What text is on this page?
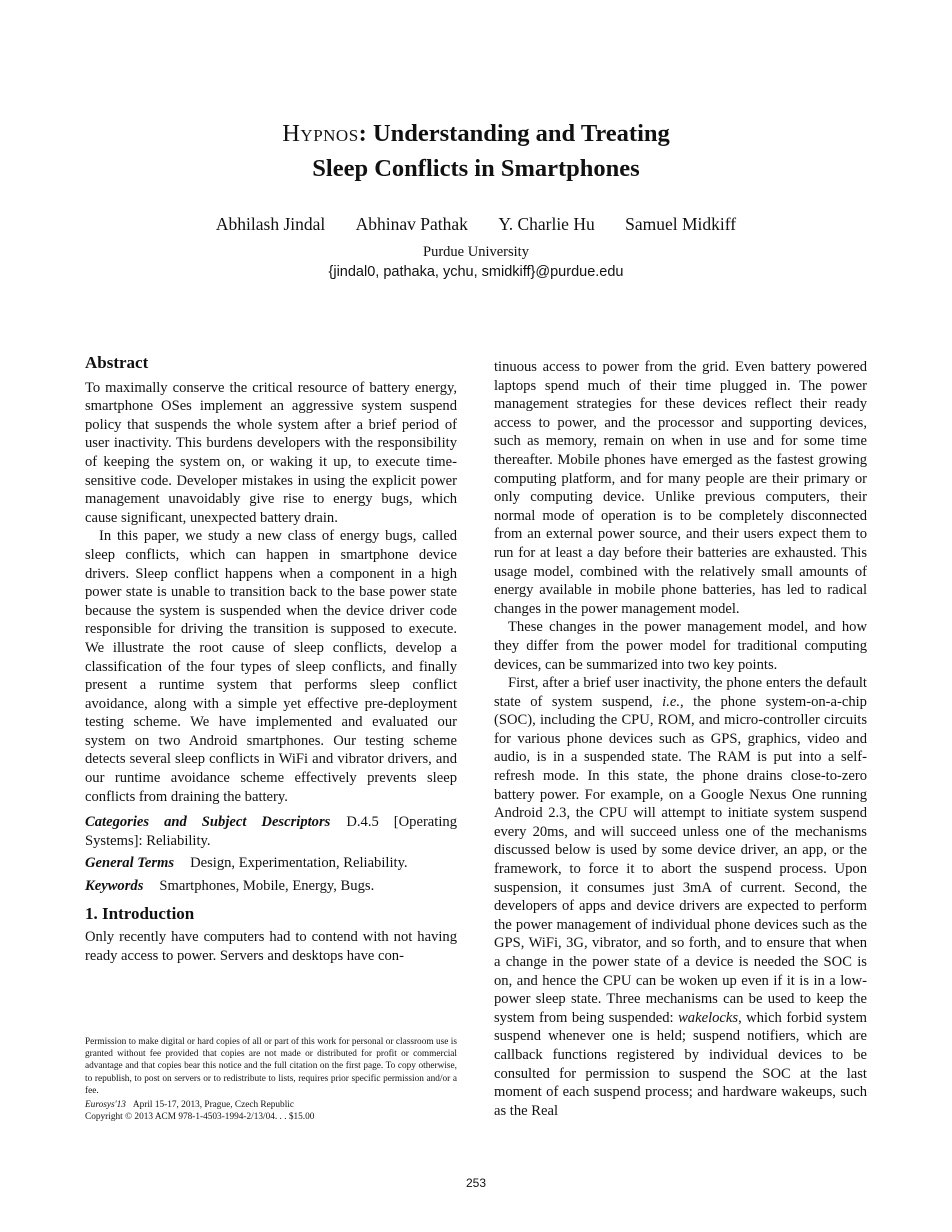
Hypnos: Understanding and Treating
Sleep Conflicts in Smartphones
Abhilash Jindal Abhinav Pathak Y. Charlie Hu Samuel Midkiff
Purdue University
{jindal0, pathaka, ychu, smidkiff}@purdue.edu
Abstract

To maximally conserve the critical resource of battery energy, smartphone OSes implement an aggressive system suspend policy that suspends the whole system after a brief period of user inactivity. This burdens developers with the responsibility of keeping the system on, or waking it up, to execute time-sensitive code. Developer mistakes in using the explicit power management unavoidably give rise to energy bugs, which cause significant, unexpected battery drain.

In this paper, we study a new class of energy bugs, called sleep conflicts, which can happen in smartphone device drivers. Sleep conflict happens when a component in a high power state is unable to transition back to the base power state because the system is suspended when the device driver code responsible for driving the transition is supposed to execute. We illustrate the root cause of sleep conflicts, develop a classification of the four types of sleep conflicts, and finally present a runtime system that performs sleep conflict avoidance, along with a simple yet effective pre-deployment testing scheme. We have implemented and evaluated our system on two Android smartphones. Our testing scheme detects several sleep conflicts in WiFi and vibrator drivers, and our runtime avoidance scheme effectively prevents sleep conflicts from draining the battery.

Categories and Subject Descriptors D.4.5 [Operating Systems]: Reliability.

General Terms Design, Experimentation, Reliability.

Keywords Smartphones, Mobile, Energy, Bugs.

1. Introduction

Only recently have computers had to contend with not having ready access to power. Servers and desktops have con-

Permission to make digital or hard copies of all or part of this work for personal or classroom use is granted without fee provided that copies are not made or distributed for profit or commercial advantage and that copies bear this notice and the full citation on the first page. To copy otherwise, to republish, to post on servers or to redistribute to lists, requires prior specific permission and/or a fee.
Eurosys'13 April 15-17, 2013, Prague, Czech Republic
Copyright © 2013 ACM 978-1-4503-1994-2/13/04. . . $15.00

tinuous access to power from the grid. Even battery powered laptops spend much of their time plugged in. The power management strategies for these devices reflect their ready access to power, and the processor and supporting devices, such as memory, remain on when in use and for some time thereafter. Mobile phones have emerged as the fastest growing computing platform, and for many people are their primary or only computing device. Unlike previous computers, their normal mode of operation is to be completely disconnected from an external power source, and their users expect them to run for at least a day before their batteries are exhausted. This usage model, combined with the relatively small amounts of energy available in mobile phone batteries, has led to radical changes in the power management model.

These changes in the power management model, and how they differ from the power model for traditional computing devices, can be summarized into two key points.

First, after a brief user inactivity, the phone enters the default state of system suspend, i.e., the phone system-on-a-chip (SOC), including the CPU, ROM, and micro-controller circuits for various phone devices such as GPS, graphics, video and audio, is in a suspended state. The RAM is put into a self-refresh mode. In this state, the phone drains close-to-zero battery power. For example, on a Google Nexus One running Android 2.3, the CPU will attempt to initiate system suspend every 20ms, and will succeed unless one of the mechanisms discussed below is used by some device driver, an app, or the framework, to force it to abort the suspend process. Upon suspension, it consumes just 3mA of current. Second, the developers of apps and device drivers are expected to perform the power management of individual phone devices such as the GPS, WiFi, 3G, vibrator, and so forth, and to ensure that when a change in the power state of a device is needed the SOC is on, and hence the CPU can be woken up even if it is in a low-power sleep state. Three mechanisms can be used to keep the system from being suspended: wakelocks, which forbid system suspend whenever one is held; suspend notifiers, which are callback functions registered by individual devices to be consulted for permission to suspend the SOC at the last moment of each suspend process; and hardware wakeups, such as the Real

253
